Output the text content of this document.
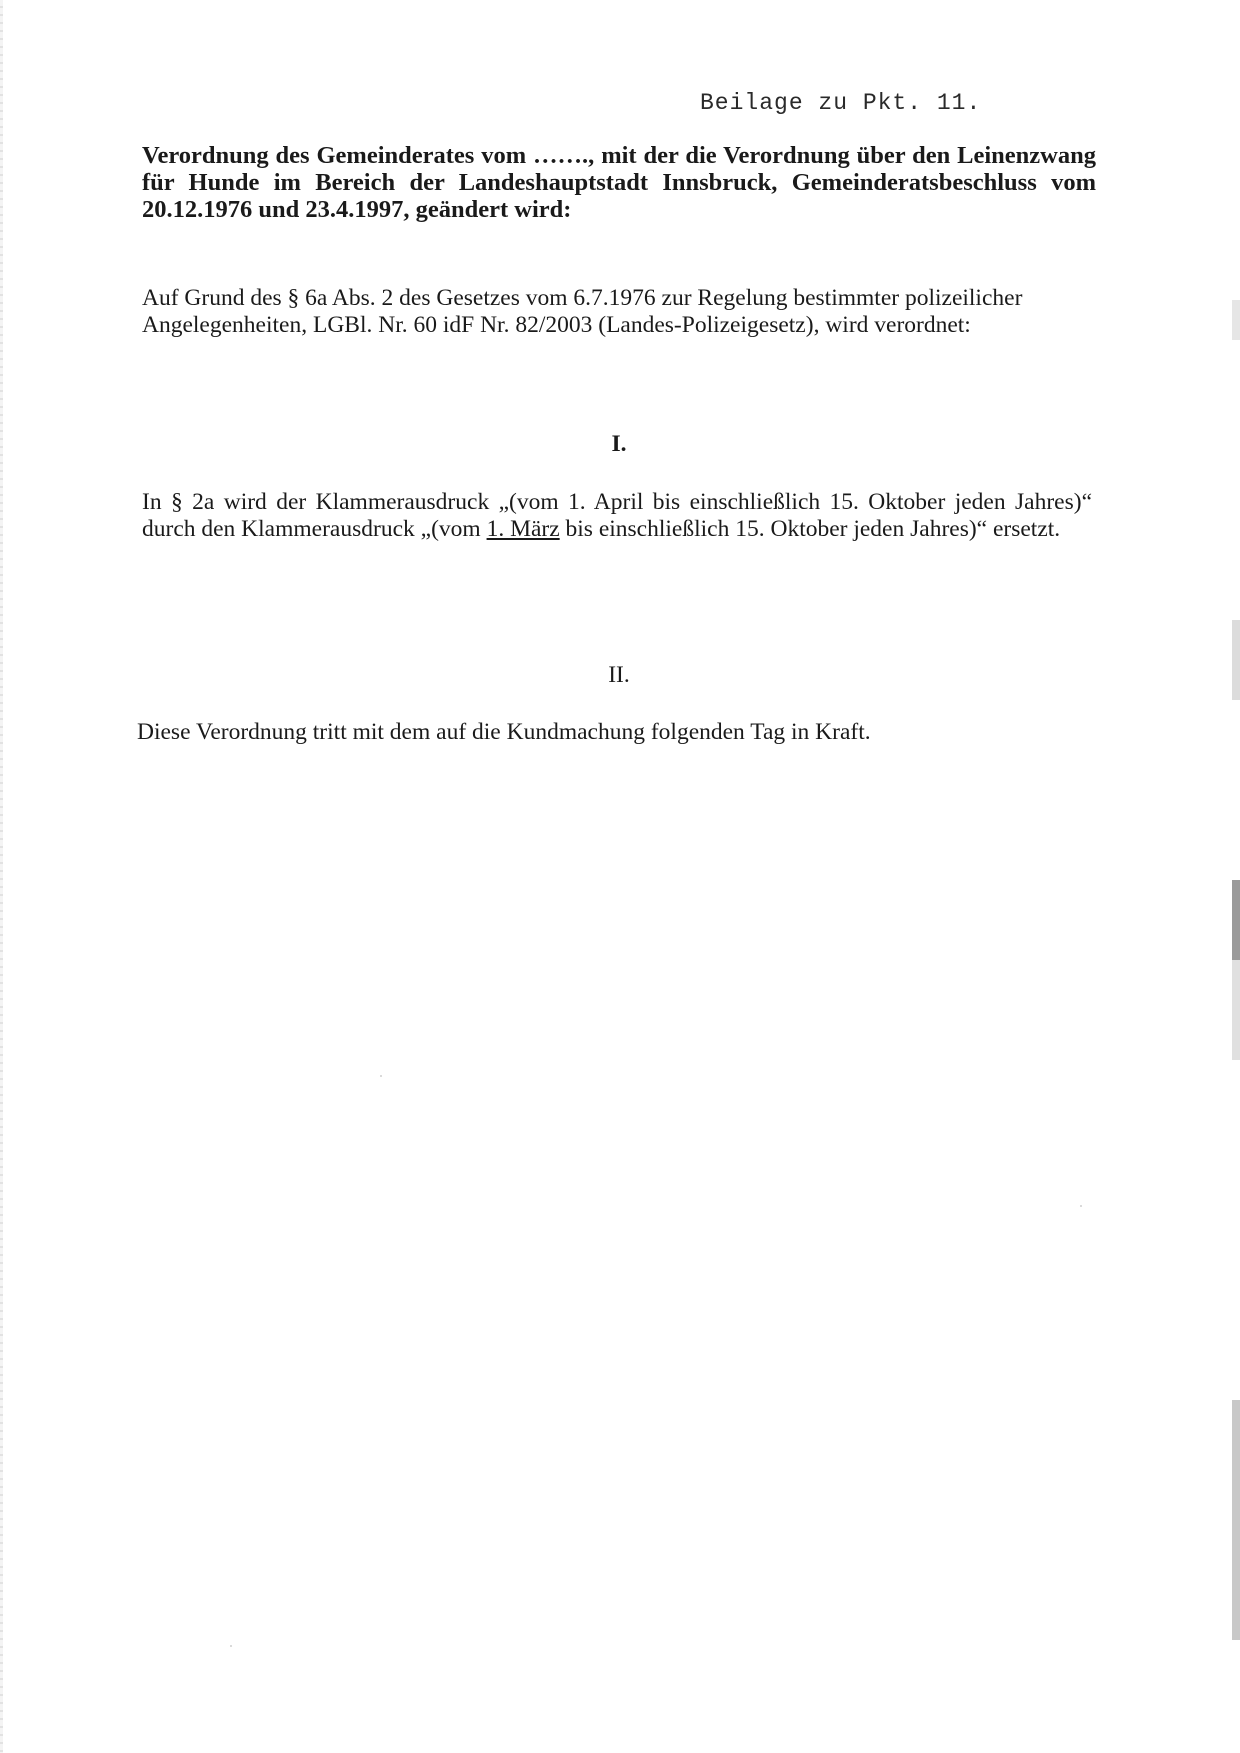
Beilage zu Pkt. 11.
Verordnung des Gemeinderates vom ……., mit der die Verordnung über den Leinenzwang für Hunde im Bereich der Landeshauptstadt Innsbruck, Gemeinderatsbeschluss vom 20.12.1976 und 23.4.1997, geändert wird:
Auf Grund des § 6a Abs. 2 des Gesetzes vom 6.7.1976 zur Regelung bestimmter polizeilicher Angelegenheiten, LGBl. Nr. 60 idF Nr. 82/2003 (Landes-Polizeigesetz), wird verordnet:
I.
In § 2a wird der Klammerausdruck „(vom 1. April bis einschließlich 15. Oktober jeden Jahres)“ durch den Klammerausdruck „(vom 1. März bis einschließlich 15. Oktober jeden Jahres)“ ersetzt.
II.
Diese Verordnung tritt mit dem auf die Kundmachung folgenden Tag in Kraft.
